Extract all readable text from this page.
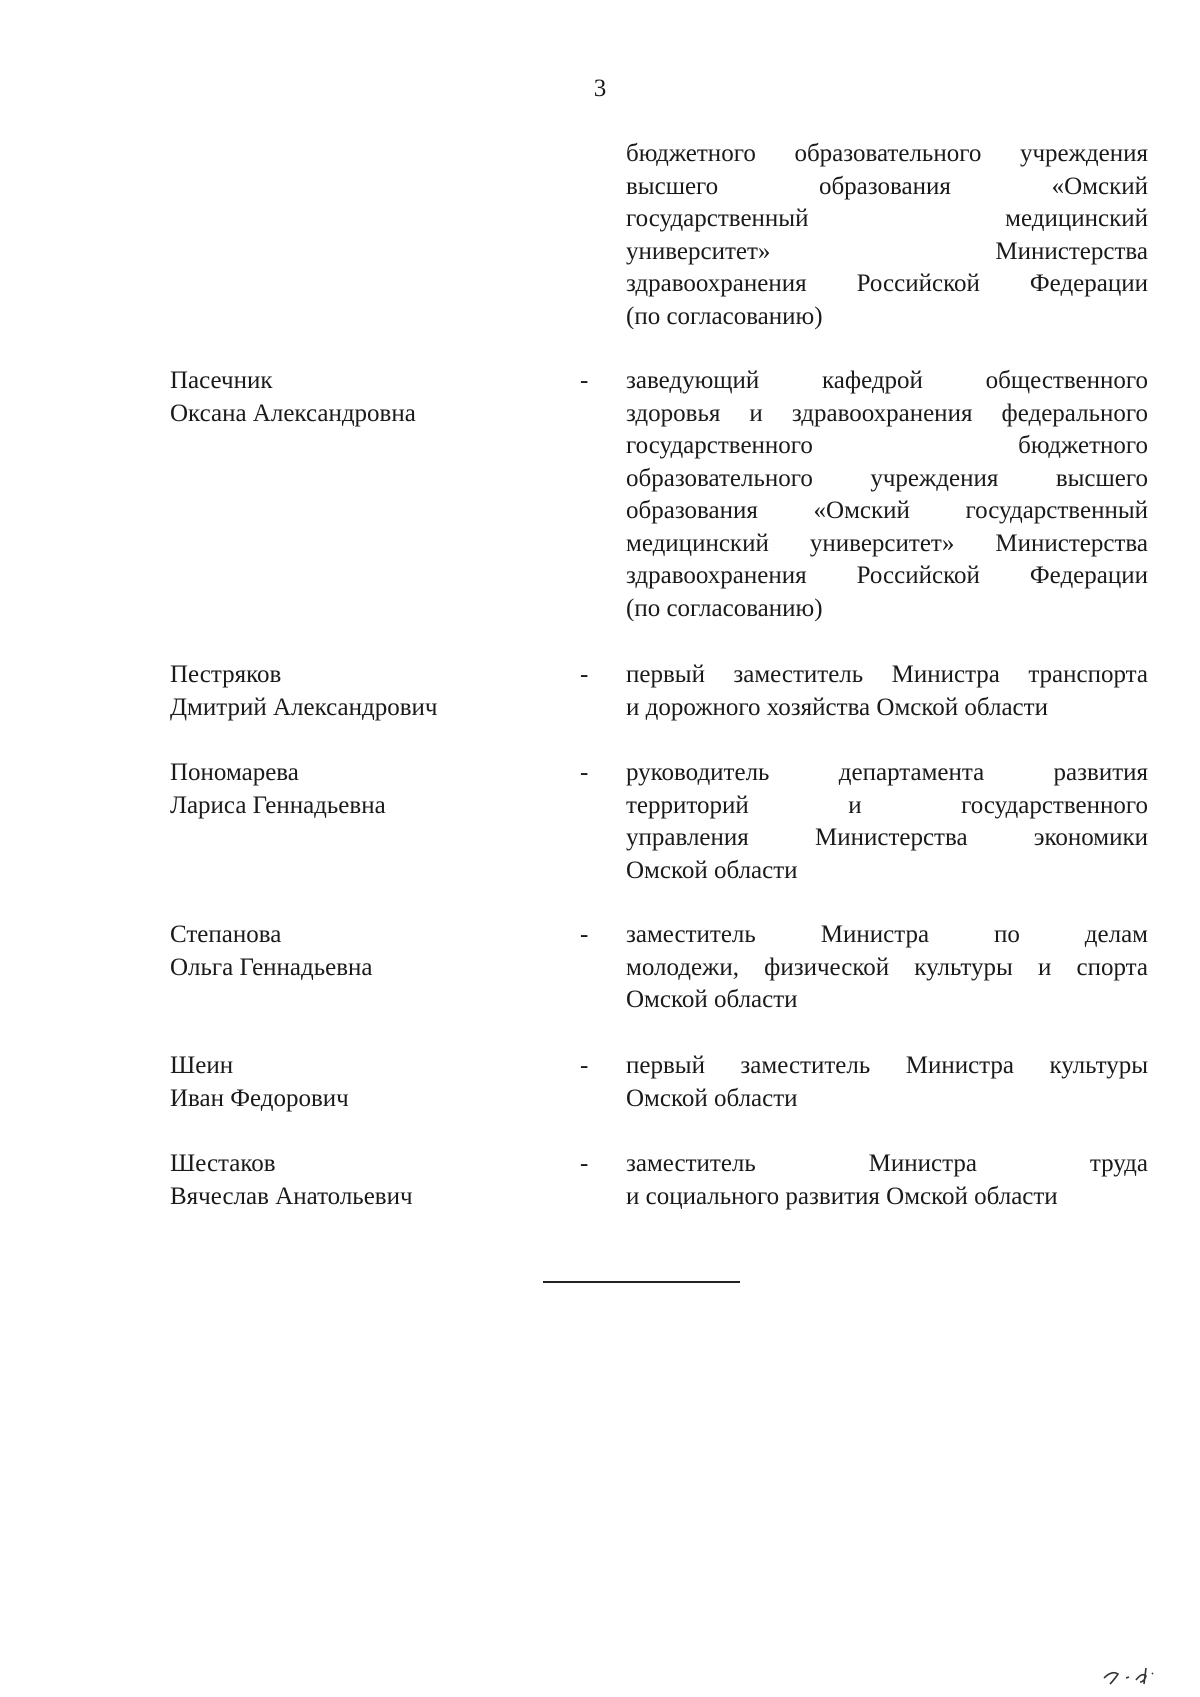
3
бюджетного образовательного учреждения
высшего образования «Омский
государственный медицинский
университет» Министерства
здравоохранения Российской Федерации
(по согласованию)
Пасечник
Оксана Александровна
- заведующий кафедрой общественного
здоровья и здравоохранения федерального
государственного бюджетного
образовательного учреждения высшего
образования «Омский государственный
медицинский университет» Министерства
здравоохранения Российской Федерации
(по согласованию)
Пестряков
Дмитрий Александрович
- первый заместитель Министра транспорта
и дорожного хозяйства Омской области
Пономарева
Лариса Геннадьевна
- руководитель департамента развития
территорий и государственного
управления Министерства экономики
Омской области
Степанова
Ольга Геннадьевна
- заместитель Министра по делам
молодежи, физической культуры и спорта
Омской области
Шеин
Иван Федорович
- первый заместитель Министра культуры
Омской области
Шестаков
Вячеслав Анатольевич
- заместитель Министра труда
и социального развития Омской области
